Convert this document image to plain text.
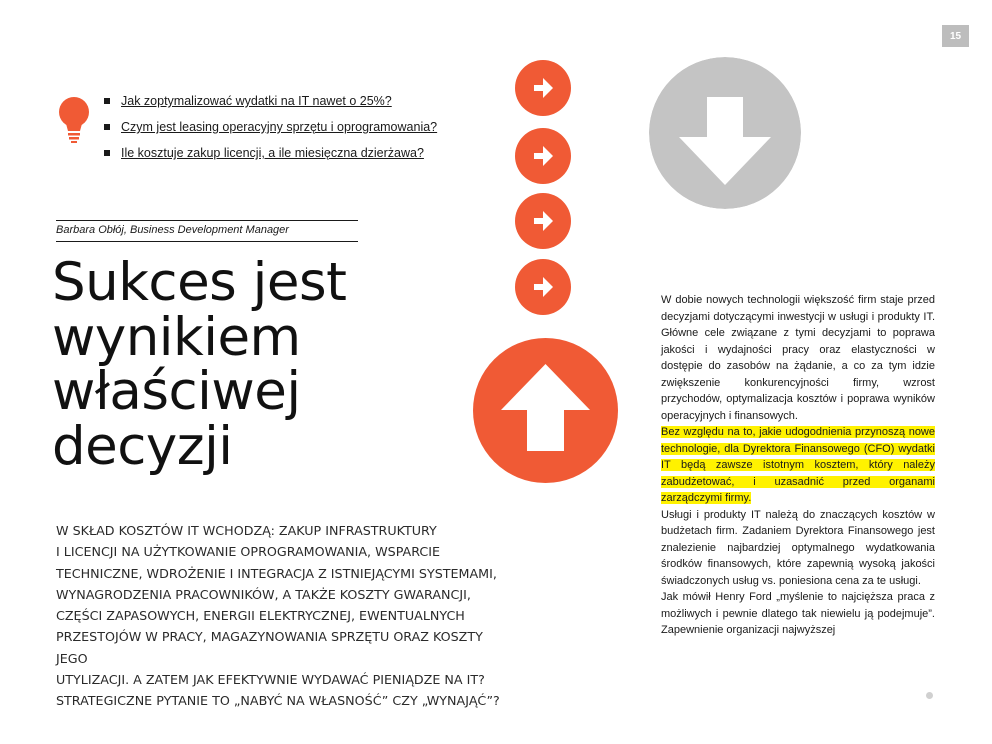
15
Jak zoptymalizować wydatki na IT nawet o 25%?
Czym jest leasing operacyjny sprzętu i oprogramowania?
Ile kosztuje zakup licencji, a ile miesięczna dzierżawa?
Barbara Obłój, Business Development Manager
Sukces jest
wynikiem
właściwej
decyzji

W SKŁAD KOSZTÓW IT WCHODZĄ: ZAKUP INFRASTRUKTURY
I LICENCJI NA UŻYTKOWANIE OPROGRAMOWANIA, WSPARCIE
TECHNICZNE, WDROŻENIE I INTEGRACJA Z ISTNIEJĄCYMI SYSTEMAMI,
WYNAGRODZENIA PRACOWNIKÓW, A TAKŻE KOSZTY GWARANCJI,
CZĘŚCI ZAPASOWYCH, ENERGII ELEKTRYCZNEJ, EWENTUALNYCH
PRZESTOJÓW W PRACY, MAGAZYNOWANIA SPRZĘTU ORAZ KOSZTY JEGO
UTYLIZACJI. A ZATEM JAK EFEKTYWNIE WYDAWAĆ PIENIĄDZE NA IT?
STRATEGICZNE PYTANIE TO „NABYĆ NA WŁASNOŚĆ” CZY „WYNAJĄĆ”?

W dobie nowych technologii większość firm staje przed decyzjami dotyczącymi inwestycji w usługi i produkty IT. Główne cele związane z tymi decyzjami to poprawa jakości i wydajności pracy oraz elastyczności w dostępie do zasobów na żądanie, a co za tym idzie zwiększenie konkurencyjności firmy, wzrost przychodów, optymalizacja kosztów i poprawa wyników operacyjnych i finansowych.

Bez względu na to, jakie udogodnienia przynoszą nowe technologie, dla Dyrektora Finansowego (CFO) wydatki IT będą zawsze istotnym kosztem, który należy zabudżetować, i uzasadnić przed organami zarządczymi firmy.

Usługi i produkty IT należą do znaczących kosztów w budżetach firm. Zadaniem Dyrektora Finansowego jest znalezienie najbardziej optymalnego wydatkowania środków finansowych, które zapewnią wysoką jakości świadczonych usług vs. poniesiona cena za te usługi.

Jak mówił Henry Ford „myślenie to najcięższa praca z możliwych i pewnie dlatego tak niewielu ją podejmuje”. Zapewnienie organizacji najwyższej
